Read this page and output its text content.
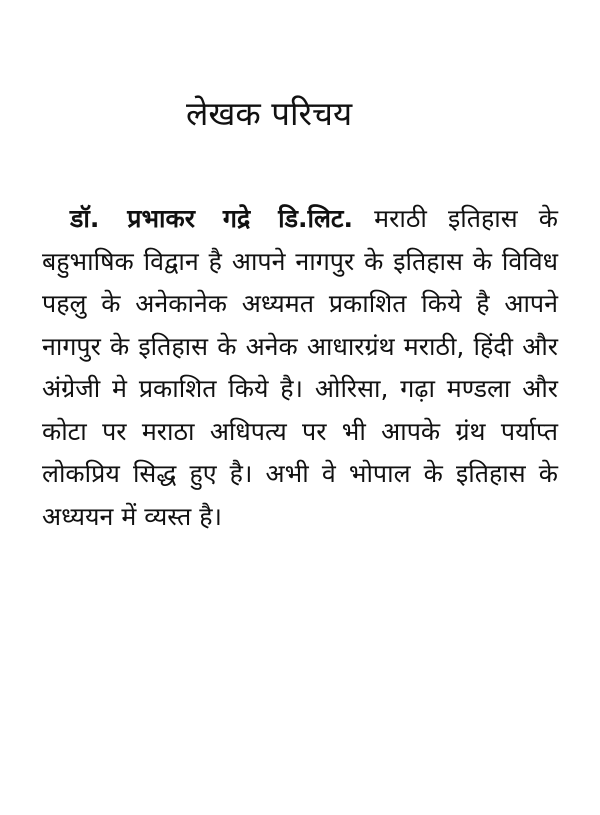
लेखक परिचय

डॉ. प्रभाकर गद्रे डि.लिट. मराठी इतिहास के बहुभाषिक विद्वान है आपने नागपुर के इतिहास के विविध पहलु के अनेकानेक अध्यमत प्रकाशित किये है आपने नागपुर के इतिहास के अनेक आधारग्रंथ मराठी, हिंदी और अंग्रेजी मे प्रकाशित किये है। ओरिसा, गढ़ा मण्डला और कोटा पर मराठा अधिपत्य पर भी आपके ग्रंथ पर्याप्त लोकप्रिय सिद्ध हुए है। अभी वे भोपाल के इतिहास के अध्ययन में व्यस्त है।
